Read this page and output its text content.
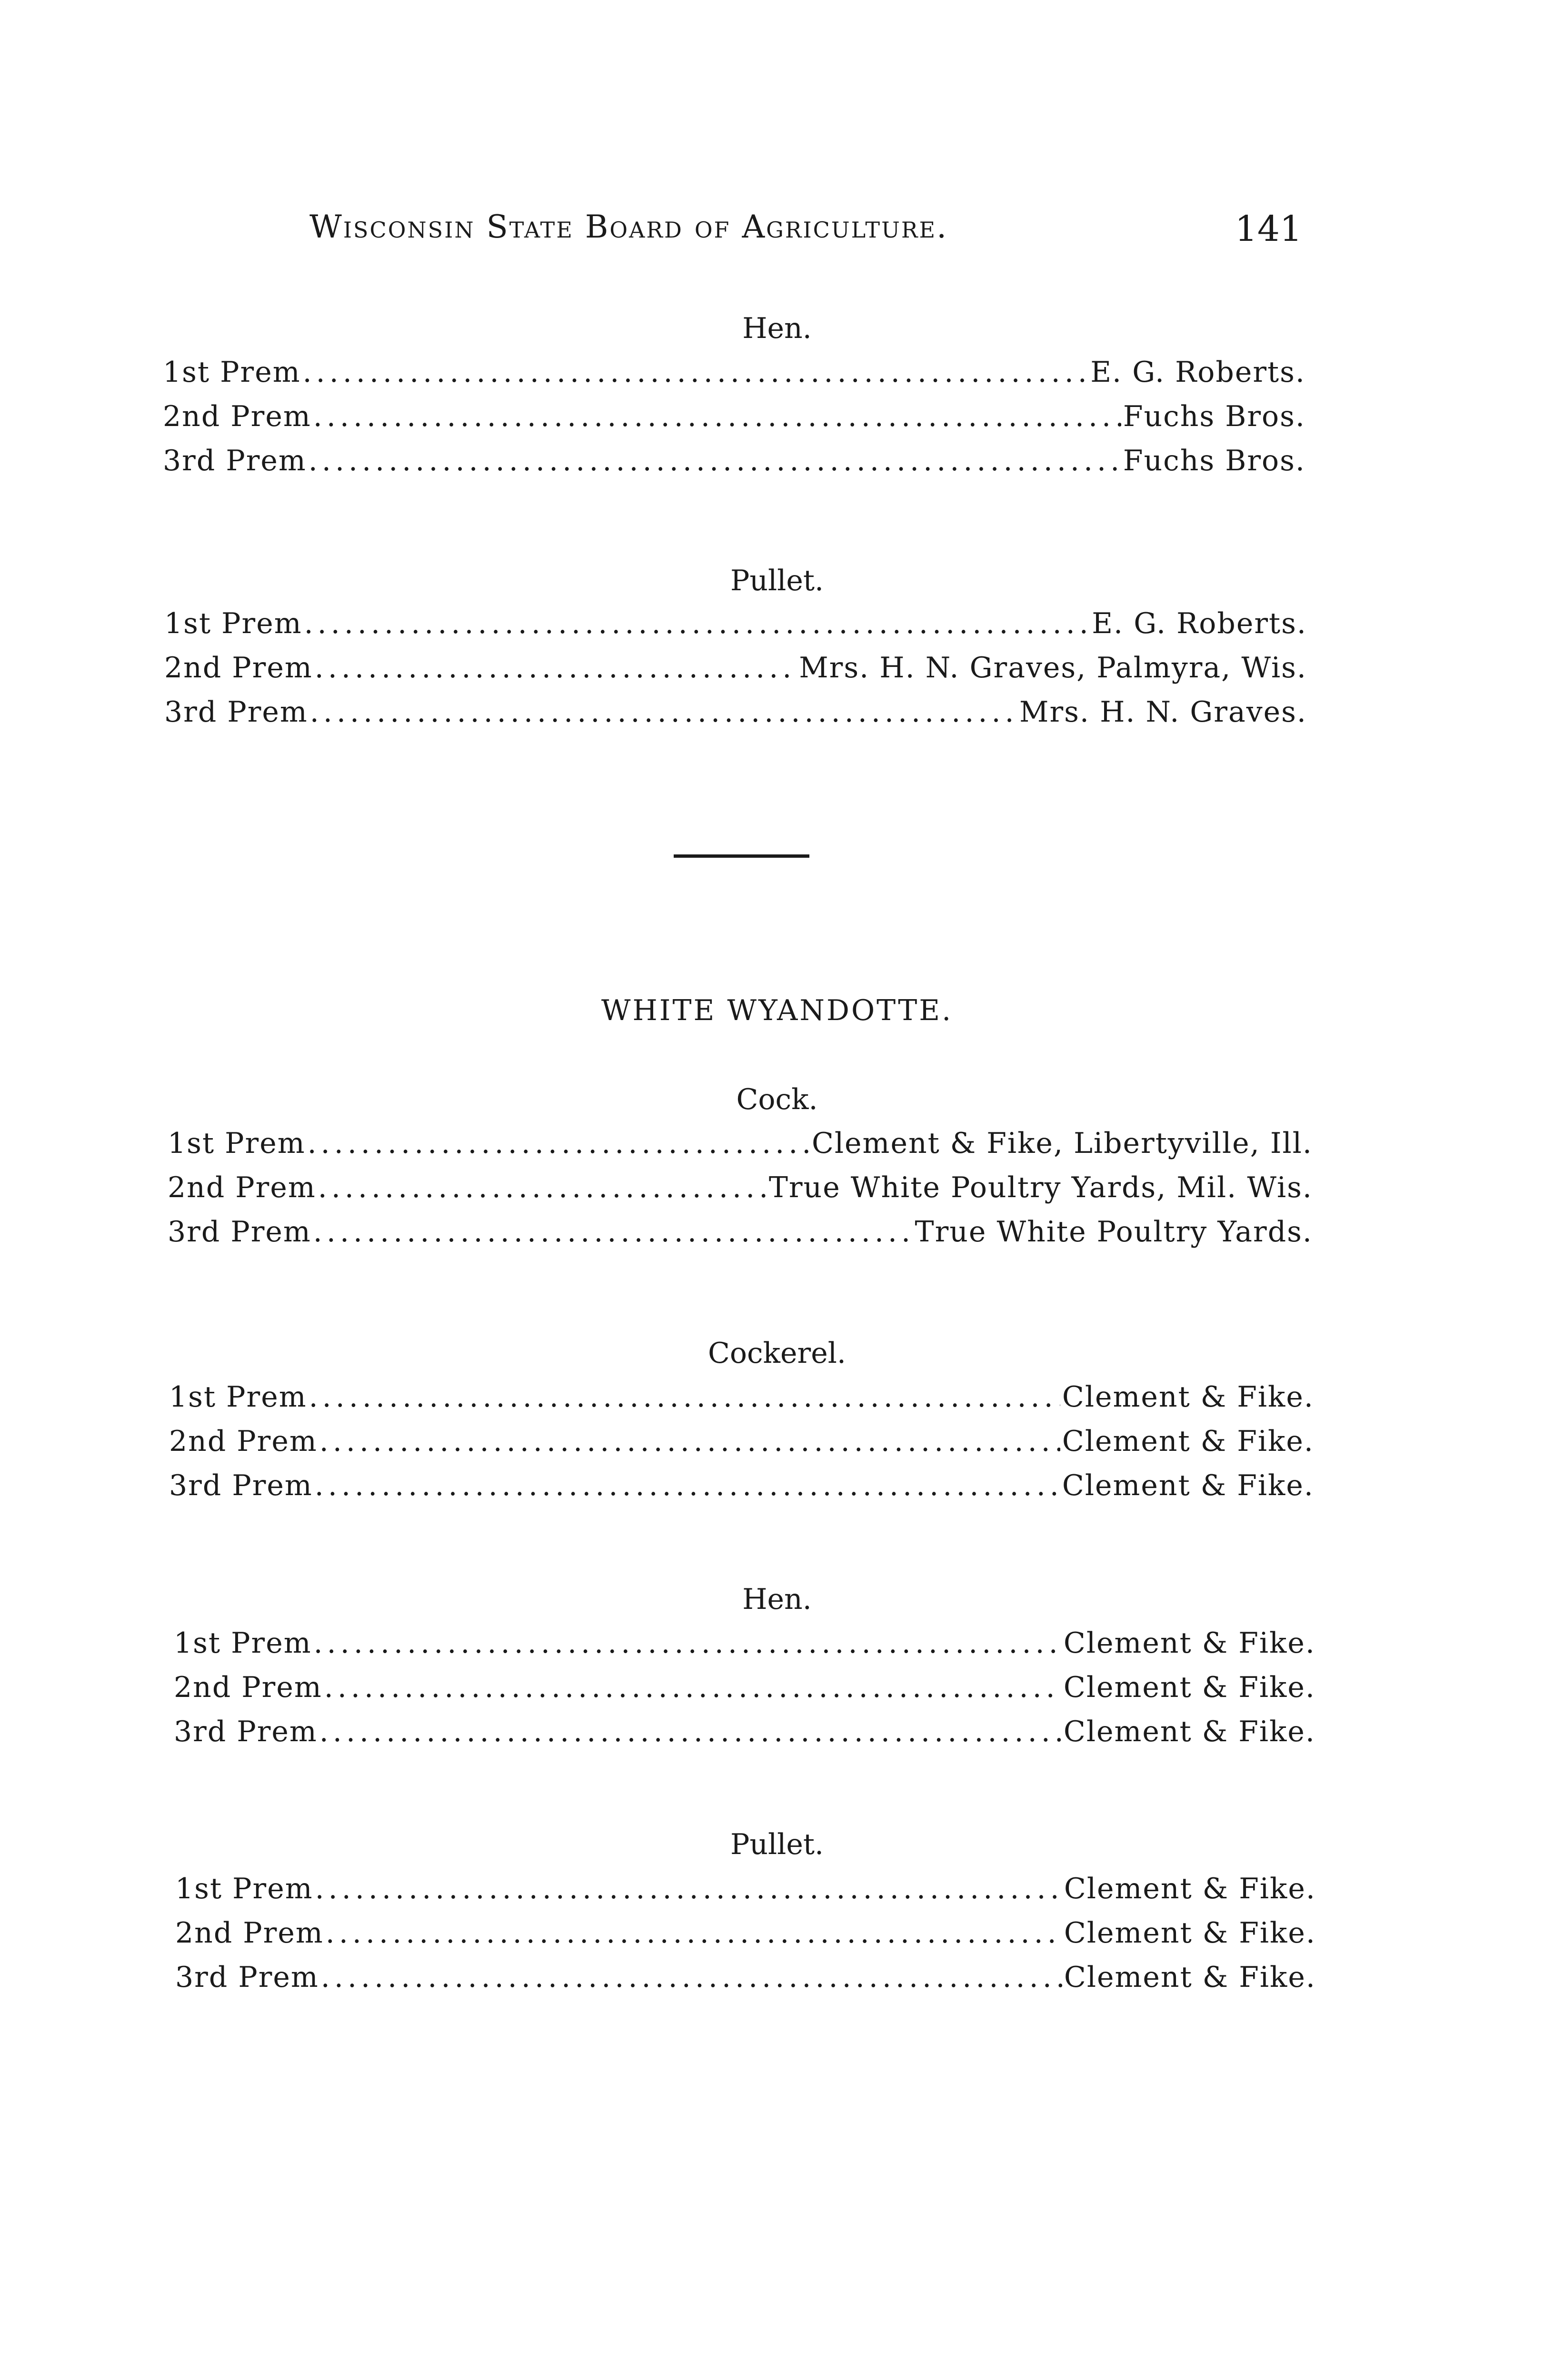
Wisconsin State Board of Agriculture.	141
Hen.
1st Prem .....	E. G. Roberts.
2nd Prem .....	Fuchs Bros.
3rd Prem .....	Fuchs Bros.
Pullet.
1st Prem .....	E. G. Roberts.
2nd Prem .....	Mrs. H. N. Graves, Palmyra, Wis.
3rd Prem .....	Mrs. H. N. Graves.
WHITE WYANDOTTE.
Cock.
1st Prem .....	Clement & Fike, Libertyville, Ill.
2nd Prem .....	True White Poultry Yards, Mil. Wis.
3rd Prem .....	True White Poultry Yards.
Cockerel.
1st Prem .....	Clement & Fike.
2nd Prem .....	Clement & Fike.
3rd Prem .....	Clement & Fike.
Hen.
1st Prem .....	Clement & Fike.
2nd Prem .....	Clement & Fike.
3rd Prem .....	Clement & Fike.
Pullet.
1st Prem .....	Clement & Fike.
2nd Prem .....	Clement & Fike.
3rd Prem .....	Clement & Fike.
